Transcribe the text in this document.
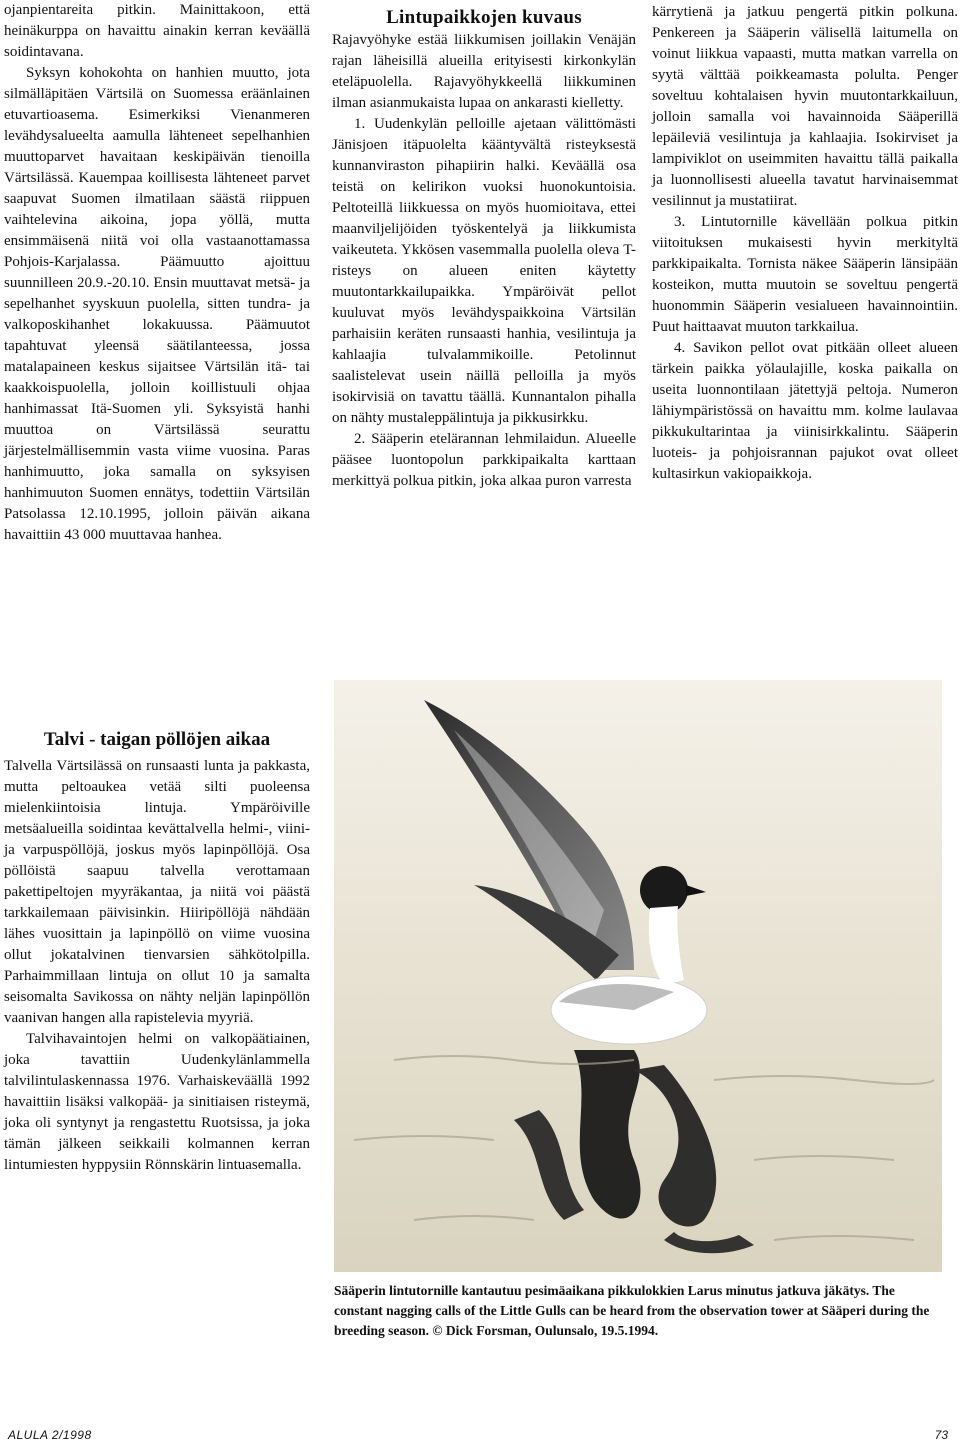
ojanpientareita pitkin. Mainittakoon, että heinäkurppa on havaittu ainakin kerran keväällä soidintavana.

Syksyn kohokohta on hanhien muutto, jota silmälläpitäen Värtsilä on Suomessa eräänlainen etuvartioasema. Esimerkiksi Vienanmeren levähdysalueelta aamulla lähteneet sepelhanhien muuttoparvet havaitaan keskipäivän tienoilla Värtsilässä. Kauempaa koillisesta lähteneet parvet saapuvat Suomen ilmatilaan säästä riippuen vaihtelevina aikoina, jopa yöllä, mutta ensimmäisenä niitä voi olla vastaanottamassa Pohjois-Karjalassa. Päämuutto ajoittuu suunnilleen 20.9.-20.10. Ensin muuttavat metsä- ja sepelhanhet syyskuun puolella, sitten tundra- ja valkoposkihanhet lokakuussa. Päämuutot tapahtuvat yleensä säätilanteessa, jossa matalapaineen keskus sijaitsee Värtsilän itä- tai kaakkoispuolella, jolloin koillistuuli ohjaa hanhimassat Itä-Suomen yli. Syksyistä hanhi muuttoa on Värtsilässä seurattu järjestelmällisemmin vasta viime vuosina. Paras hanhimuutto, joka samalla on syksyisen hanhimuuton Suomen ennätys, todettiin Värtsilän Patsolassa 12.10.1995, jolloin päivän aikana havaittiin 43 000 muuttavaa hanhea.

Lintupaikkojen kuvaus

Rajavyöhyke estää liikkumisen joillakin Venäjän rajan läheisillä alueilla erityisesti kirkonkylän eteläpuolella. Rajavyöhykkeellä liikkuminen ilman asianmukaista lupaa on ankarasti kielletty.

1. Uudenkylän pelloille ajetaan välittömästi Jänisjoen itäpuolelta kääntyvältä risteyksestä kunnanviraston pihapiirin halki. Keväällä osa teistä on kelirikon vuoksi huonokuntoisia. Peltoteillä liikkuessa on myös huomioitava, ettei maanviljelijöiden työskentelyä ja liikkumista vaikeuteta. Ykkösen vasemmalla puolella oleva T-risteys on alueen eniten käytetty muutontarkkailupaikka. Ympäröivät pellot kuuluvat myös levähdyspaikkoina Värtsilän parhaisiin keräten runsaasti hanhia, vesilintuja ja kahlaajia tulvalammikoille. Petolinnut saalistelevat usein näillä pelloilla ja myös isokirvisiä on tavattu täällä. Kunnantalon pihalla on nähty mustaleppälintuja ja pikkusirkku.

2. Sääperin etelärannan lehmilaidun. Alueelle pääsee luontopolun parkkipaikalta karttaan merkittyä polkua pitkin, joka alkaa puron varresta

kärrytienä ja jatkuu pengertä pitkin polkuna. Penkereen ja Sääperin välisellä laitumella on voinut liikkua vapaasti, mutta matkan varrella on syytä välttää poikkeamasta polulta. Penger soveltuu kohtalaisen hyvin muutontarkkailuun, jolloin samalla voi havainnoida Sääperillä lepäileviä vesilintuja ja kahlaajia. Isokirviset ja lampiviklot on useimmiten havaittu tällä paikalla ja luonnollisesti alueella tavatut harvinaisemmat vesilinnut ja mustatiirat.

3. Lintutornille kävellään polkua pitkin viitoituksen mukaisesti hyvin merkityltä parkkipaikalta. Tornista näkee Sääperin länsipään kosteikon, mutta muutoin se soveltuu pengertä huonommin Sääperin vesialueen havainnointiin. Puut haittaavat muuton tarkkailua.

4. Savikon pellot ovat pitkään olleet alueen tärkein paikka yölaulajille, koska paikalla on useita luonnontilaan jätettyjä peltoja. Numeron lähiympäristössä on havaittu mm. kolme laulavaa pikkukultarintaa ja viinisirkkalintu. Sääperin luoteis- ja pohjoisrannan pajukot ovat olleet kultasirkun vakiopaikkoja.

Talvi - taigan pöllöjen aikaa

Talvella Värtsilässä on runsaasti lunta ja pakkasta, mutta peltoaukea vetää silti puoleensa mielenkiintoisia lintuja. Ympäröiville metsäalueilla soidintaa kevättalvella helmi-, viini- ja varpuspöllöjä, joskus myös lapinpöllöjä. Osa pöllöistä saapuu talvella verottamaan pakettipeltojen myyräkantaa, ja niitä voi päästä tarkkailemaan päivisinkin. Hiiripöllöjä nähdään lähes vuosittain ja lapinpöllö on viime vuosina ollut jokatalvinen tienvarsien sähkötolpilla. Parhaimmillaan lintuja on ollut 10 ja samalta seisomalta Savikossa on nähty neljän lapinpöllön vaanivan hangen alla rapistelevia myyriä.

Talvihavaintojen helmi on valkopäätiainen, joka tavattiin Uudenkylänlammella talvilintulaskennassa 1976. Varhaiskeväällä 1992 havaittiin lisäksi valkopää- ja sinitiaisen risteymä, joka oli syntynyt ja rengastettu Ruotsissa, ja joka tämän jälkeen seikkaili kolmannen kerran lintumiesten hyppysiin Rönnskärin lintuasemalla.

Sääperin lintutornille kantautuu pesimäaikana pikkulokkien Larus minutus jatkuva jäkätys. The constant nagging calls of the Little Gulls can be heard from the observation tower at Sääperi during the breeding season. © Dick Forsman, Oulunsalo, 19.5.1994.
ALULA 2/1998	73
